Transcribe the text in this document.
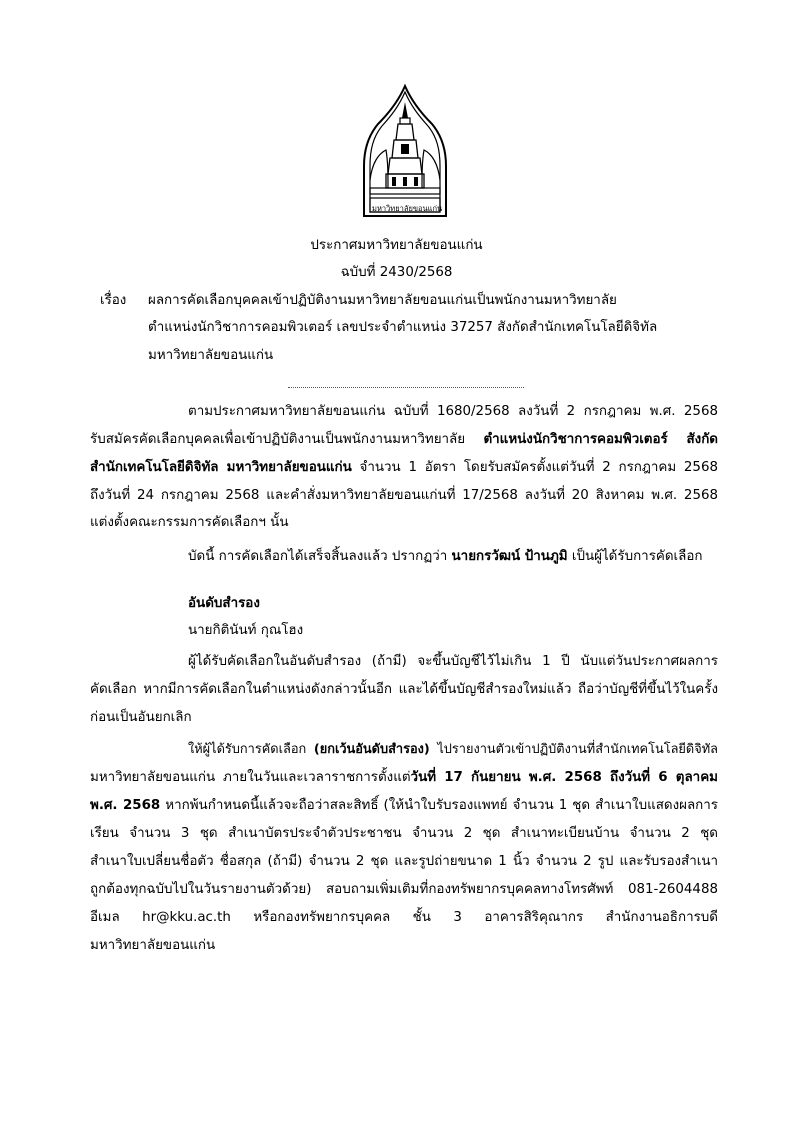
มหาวิทยาลัยขอนแก่น
ประกาศมหาวิทยาลัยขอนแก่น
ฉบับที่ 2430/2568
เรื่อง ผลการคัดเลือกบุคคลเข้าปฏิบัติงานมหาวิทยาลัยขอนแก่นเป็นพนักงานมหาวิทยาลัย
ตำแหน่งนักวิชาการคอมพิวเตอร์ เลขประจำตำแหน่ง 37257 สังกัดสำนักเทคโนโลยีดิจิทัล
มหาวิทยาลัยขอนแก่น
ตามประกาศมหาวิทยาลัยขอนแก่น ฉบับที่ 1680/2568 ลงวันที่ 2 กรกฎาคม พ.ศ. 2568
รับสมัครคัดเลือกบุคคลเพื่อเข้าปฏิบัติงานเป็นพนักงานมหาวิทยาลัย ตำแหน่งนักวิชาการคอมพิวเตอร์ สังกัด
สำนักเทคโนโลยีดิจิทัล มหาวิทยาลัยขอนแก่น จำนวน 1 อัตรา โดยรับสมัครตั้งแต่วันที่ 2 กรกฎาคม 2568
ถึงวันที่ 24 กรกฎาคม 2568 และคำสั่งมหาวิทยาลัยขอนแก่นที่ 17/2568 ลงวันที่ 20 สิงหาคม พ.ศ. 2568
แต่งตั้งคณะกรรมการคัดเลือกฯ นั้น
บัดนี้ การคัดเลือกได้เสร็จสิ้นลงแล้ว ปรากฏว่า นายกรวัฒน์ ป้านภูมิ เป็นผู้ได้รับการคัดเลือก
อันดับสำรอง
นายกิตินันท์ กุณโฮง
ผู้ได้รับคัดเลือกในอันดับสำรอง (ถ้ามี) จะขึ้นบัญชีไว้ไม่เกิน 1 ปี นับแต่วันประกาศผลการ
คัดเลือก หากมีการคัดเลือกในตำแหน่งดังกล่าวนั้นอีก และได้ขึ้นบัญชีสำรองใหม่แล้ว ถือว่าบัญชีที่ขึ้นไว้ในครั้ง
ก่อนเป็นอันยกเลิก
ให้ผู้ได้รับการคัดเลือก (ยกเว้นอันดับสำรอง) ไปรายงานตัวเข้าปฏิบัติงานที่สำนักเทคโนโลยีดิจิทัล
มหาวิทยาลัยขอนแก่น ภายในวันและเวลาราชการตั้งแต่วันที่ 17 กันยายน พ.ศ. 2568 ถึงวันที่ 6 ตุลาคม
พ.ศ. 2568 หากพ้นกำหนดนี้แล้วจะถือว่าสละสิทธิ์ (ให้นำใบรับรองแพทย์ จำนวน 1 ชุด สำเนาใบแสดงผลการ
เรียน จำนวน 3 ชุด สำเนาบัตรประจำตัวประชาชน จำนวน 2 ชุด สำเนาทะเบียนบ้าน จำนวน 2 ชุด
สำเนาใบเปลี่ยนชื่อตัว ชื่อสกุล (ถ้ามี) จำนวน 2 ชุด และรูปถ่ายขนาด 1 นิ้ว จำนวน 2 รูป และรับรองสำเนา
ถูกต้องทุกฉบับไปในวันรายงานตัวด้วย) สอบถามเพิ่มเติมที่กองทรัพยากรบุคคลทางโทรศัพท์ 081-2604488
อีเมล hr@kku.ac.th หรือกองทรัพยากรบุคคล ชั้น 3 อาคารสิริคุณากร สำนักงานอธิการบดี
มหาวิทยาลัยขอนแก่น
